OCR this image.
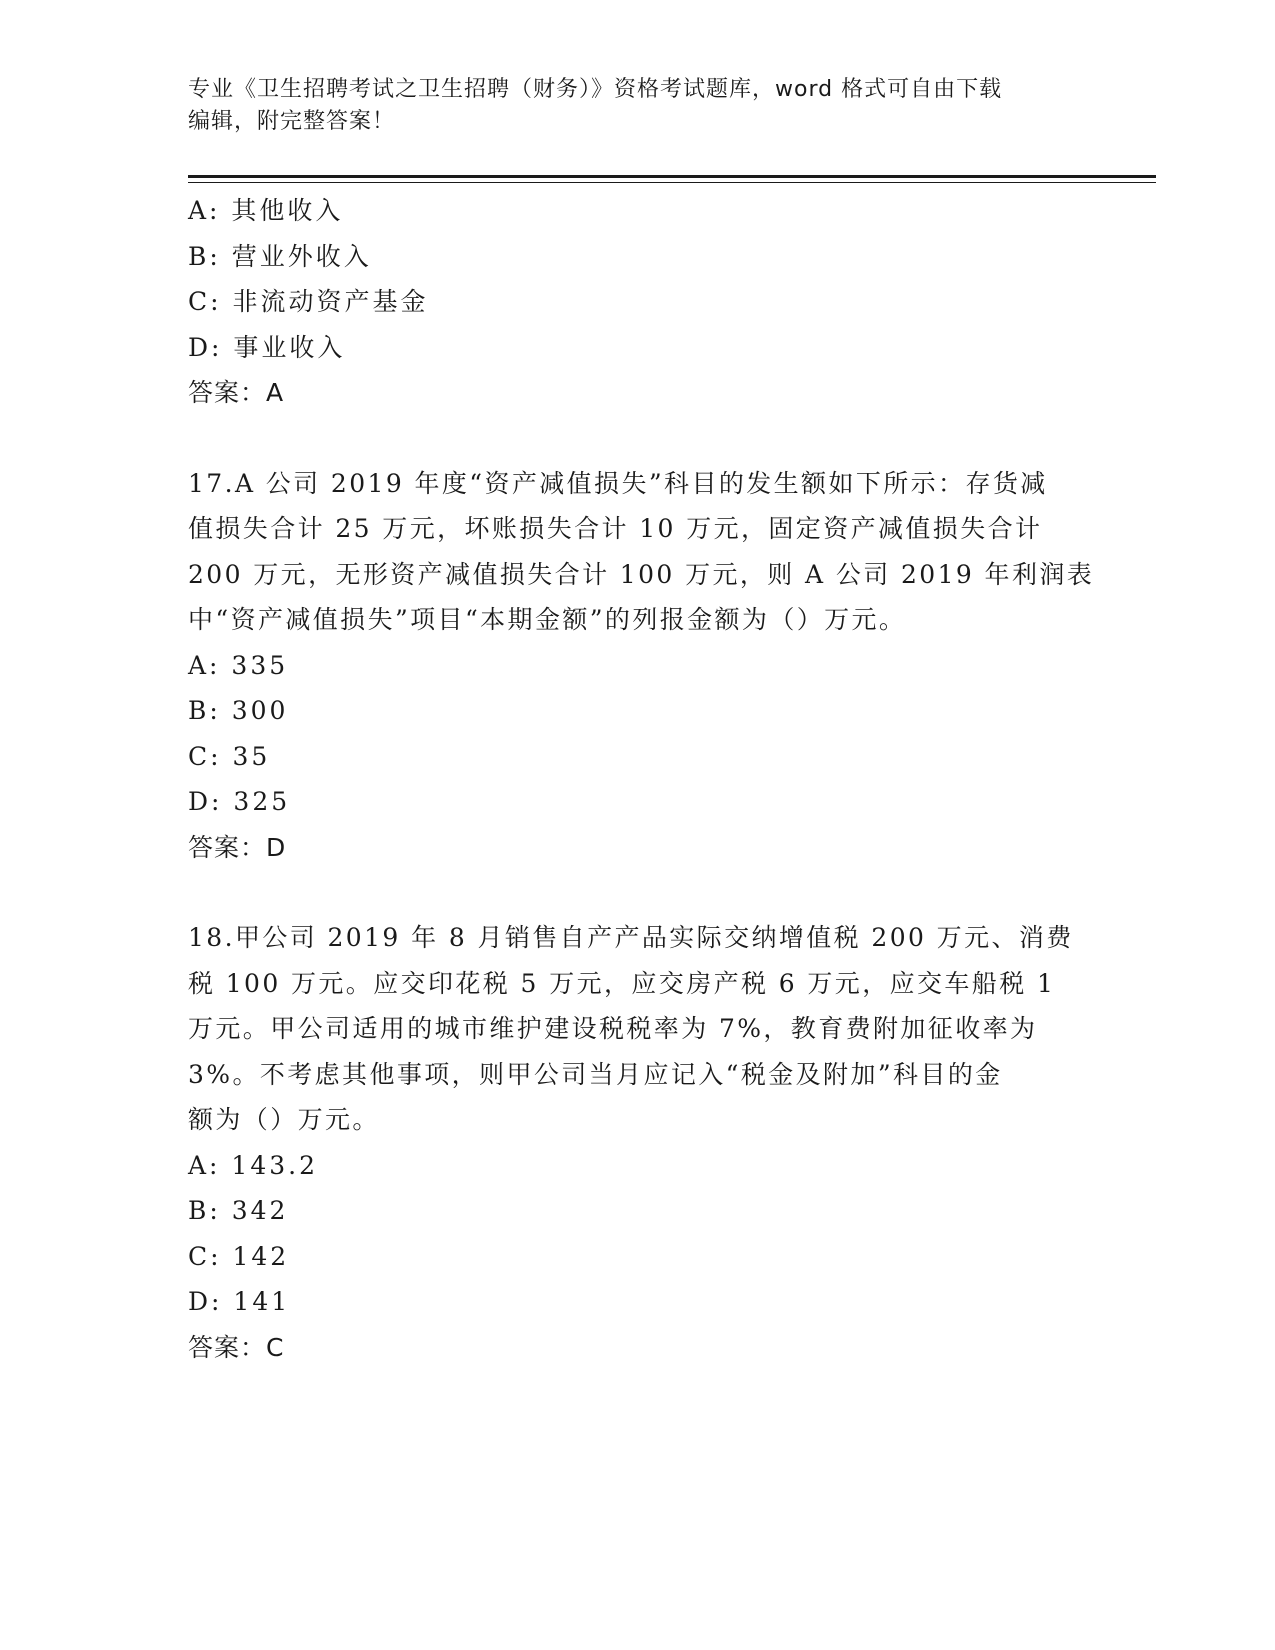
专业《卫生招聘考试之卫生招聘（财务）》资格考试题库，word 格式可自由下载
编辑，附完整答案！
A: 其他收入
B: 营业外收入
C: 非流动资产基金
D: 事业收入
答案：A
17.A 公司 2019 年度“资产减值损失”科目的发生额如下所示：存货减
值损失合计 25 万元，坏账损失合计 10 万元，固定资产减值损失合计
200 万元，无形资产减值损失合计 100 万元，则 A 公司 2019 年利润表
中“资产减值损失”项目“本期金额”的列报金额为（）万元。
A: 335
B: 300
C: 35
D: 325
答案：D
18.甲公司 2019 年 8 月销售自产产品实际交纳增值税 200 万元、消费
税 100 万元。应交印花税 5 万元，应交房产税 6 万元，应交车船税 1
万元。甲公司适用的城市维护建设税税率为 7%，教育费附加征收率为
3%。不考虑其他事项，则甲公司当月应记入“税金及附加”科目的金
额为（）万元。
A: 143.2
B: 342
C: 142
D: 141
答案：C
